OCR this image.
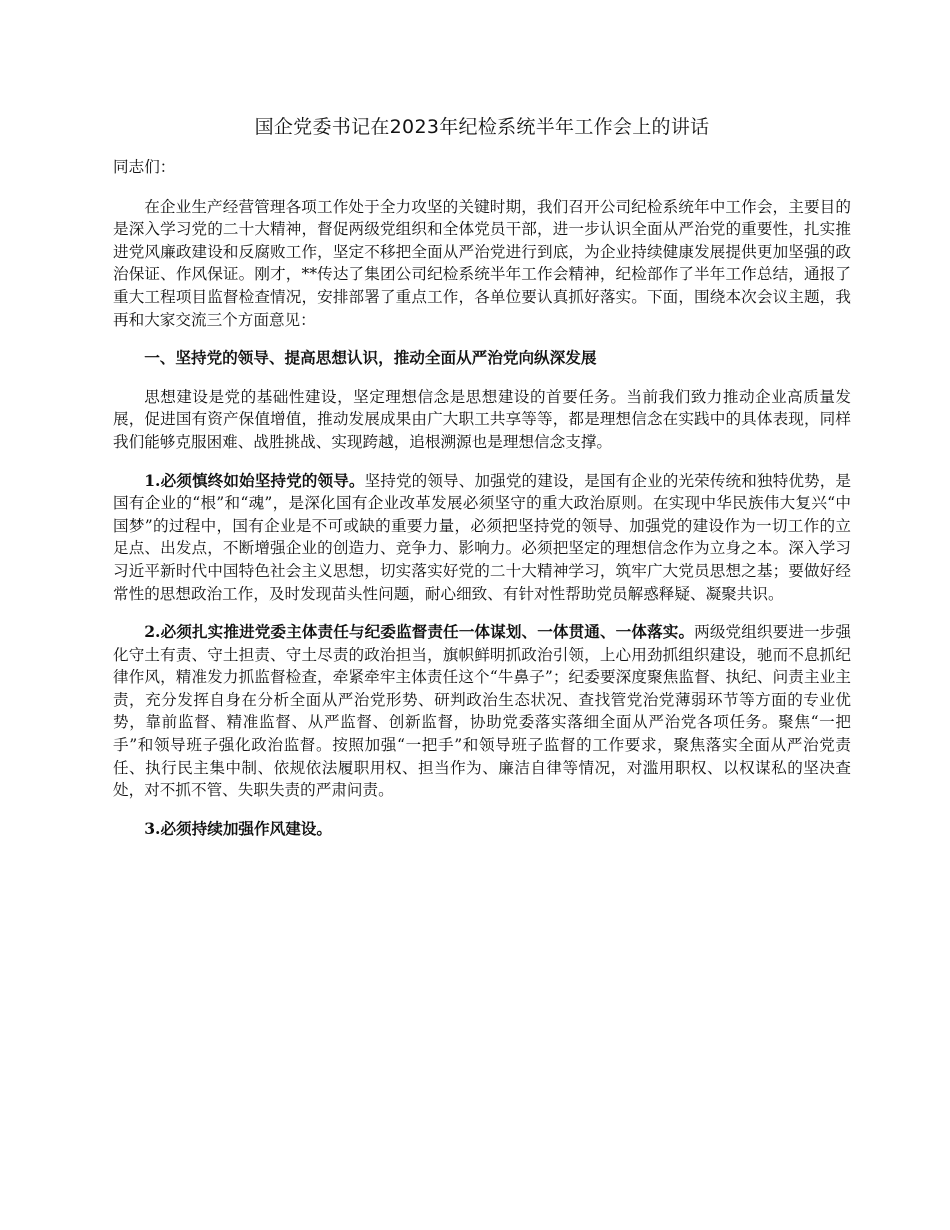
国企党委书记在2023年纪检系统半年工作会上的讲话

同志们：

在企业生产经营管理各项工作处于全力攻坚的关键时期，我们召开公司纪检系统年中工作会，主要目的是深入学习党的二十大精神，督促两级党组织和全体党员干部，进一步认识全面从严治党的重要性，扎实推进党风廉政建设和反腐败工作，坚定不移把全面从严治党进行到底，为企业持续健康发展提供更加坚强的政治保证、作风保证。刚才，**传达了集团公司纪检系统半年工作会精神，纪检部作了半年工作总结，通报了重大工程项目监督检查情况，安排部署了重点工作，各单位要认真抓好落实。下面，围绕本次会议主题，我再和大家交流三个方面意见：

一、坚持党的领导、提高思想认识，推动全面从严治党向纵深发展

思想建设是党的基础性建设，坚定理想信念是思想建设的首要任务。当前我们致力推动企业高质量发展，促进国有资产保值增值，推动发展成果由广大职工共享等等，都是理想信念在实践中的具体表现，同样我们能够克服困难、战胜挑战、实现跨越，追根溯源也是理想信念支撑。

1.必须慎终如始坚持党的领导。坚持党的领导、加强党的建设，是国有企业的光荣传统和独特优势，是国有企业的“根”和“魂”，是深化国有企业改革发展必须坚守的重大政治原则。在实现中华民族伟大复兴“中国梦”的过程中，国有企业是不可或缺的重要力量，必须把坚持党的领导、加强党的建设作为一切工作的立足点、出发点，不断增强企业的创造力、竞争力、影响力。必须把坚定的理想信念作为立身之本。深入学习习近平新时代中国特色社会主义思想，切实落实好党的二十大精神学习，筑牢广大党员思想之基；要做好经常性的思想政治工作，及时发现苗头性问题，耐心细致、有针对性帮助党员解惑释疑、凝聚共识。

2.必须扎实推进党委主体责任与纪委监督责任一体谋划、一体贯通、一体落实。两级党组织要进一步强化守土有责、守土担责、守土尽责的政治担当，旗帜鲜明抓政治引领，上心用劲抓组织建设，驰而不息抓纪律作风，精准发力抓监督检查，牵紧牵牢主体责任这个“牛鼻子”；纪委要深度聚焦监督、执纪、问责主业主责，充分发挥自身在分析全面从严治党形势、研判政治生态状况、查找管党治党薄弱环节等方面的专业优势，靠前监督、精准监督、从严监督、创新监督，协助党委落实落细全面从严治党各项任务。聚焦“一把手”和领导班子强化政治监督。按照加强“一把手”和领导班子监督的工作要求，聚焦落实全面从严治党责任、执行民主集中制、依规依法履职用权、担当作为、廉洁自律等情况，对滥用职权、以权谋私的坚决查处，对不抓不管、失职失责的严肃问责。

3.必须持续加强作风建设。
